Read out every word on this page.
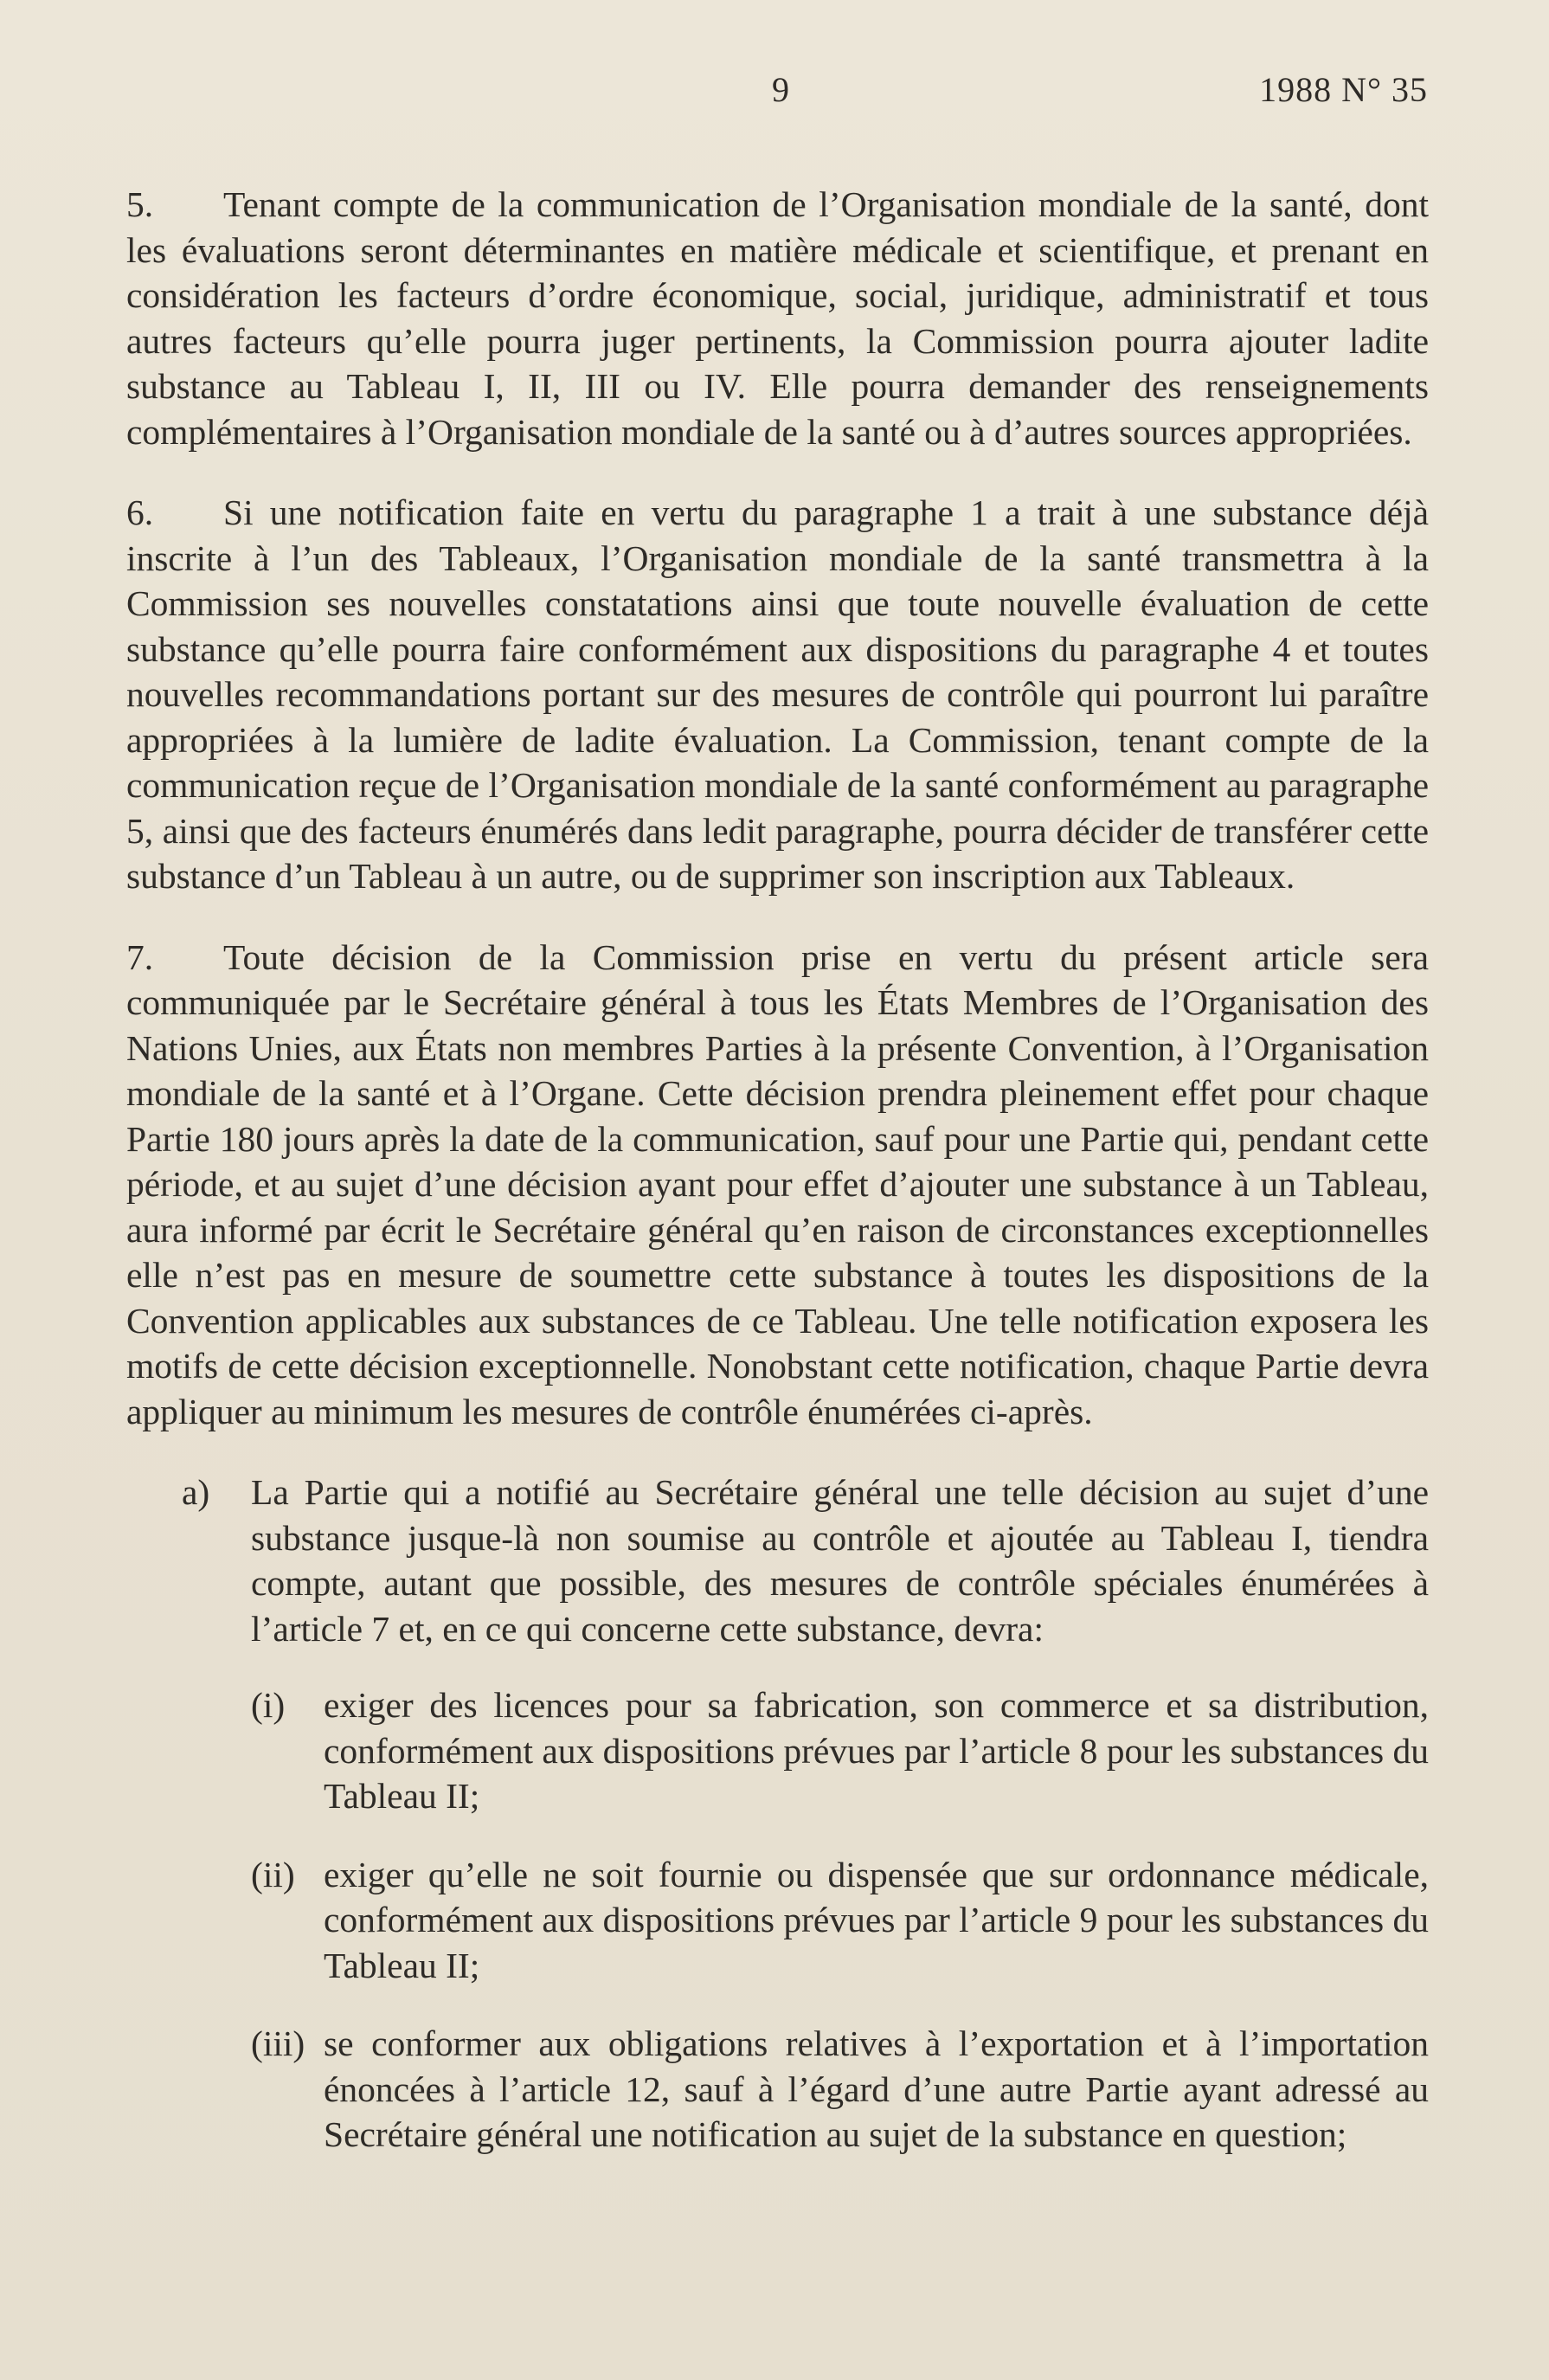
9	1988 N° 35

5. Tenant compte de la communication de l’Organisation mondiale de la santé, dont les évaluations seront déterminantes en matière médicale et scientifique, et prenant en considération les facteurs d’ordre économique, social, juridique, administratif et tous autres facteurs qu’elle pourra juger pertinents, la Commission pourra ajouter ladite substance au Tableau I, II, III ou IV. Elle pourra demander des renseignements complémentaires à l’Organisation mondiale de la santé ou à d’autres sources appropriées.

6. Si une notification faite en vertu du paragraphe 1 a trait à une substance déjà inscrite à l’un des Tableaux, l’Organisation mondiale de la santé transmettra à la Commission ses nouvelles constatations ainsi que toute nouvelle évaluation de cette substance qu’elle pourra faire conformément aux dispositions du paragraphe 4 et toutes nouvelles recommandations portant sur des mesures de contrôle qui pourront lui paraître appropriées à la lumière de ladite évaluation. La Commission, tenant compte de la communication reçue de l’Organisation mondiale de la santé conformément au paragraphe 5, ainsi que des facteurs énumérés dans ledit paragraphe, pourra décider de transférer cette substance d’un Tableau à un autre, ou de supprimer son inscription aux Tableaux.

7. Toute décision de la Commission prise en vertu du présent article sera communiquée par le Secrétaire général à tous les États Membres de l’Organisation des Nations Unies, aux États non membres Parties à la présente Convention, à l’Organisation mondiale de la santé et à l’Organe. Cette décision prendra pleinement effet pour chaque Partie 180 jours après la date de la communication, sauf pour une Partie qui, pendant cette période, et au sujet d’une décision ayant pour effet d’ajouter une substance à un Tableau, aura informé par écrit le Secrétaire général qu’en raison de circonstances exceptionnelles elle n’est pas en mesure de soumettre cette substance à toutes les dispositions de la Convention applicables aux substances de ce Tableau. Une telle notification exposera les motifs de cette décision exceptionnelle. Nonobstant cette notification, chaque Partie devra appliquer au minimum les mesures de contrôle énumérées ci-après.

a) La Partie qui a notifié au Secrétaire général une telle décision au sujet d’une substance jusque-là non soumise au contrôle et ajoutée au Tableau I, tiendra compte, autant que possible, des mesures de contrôle spéciales énumérées à l’article 7 et, en ce qui concerne cette substance, devra:
(i) exiger des licences pour sa fabrication, son commerce et sa distribution, conformément aux dispositions prévues par l’article 8 pour les substances du Tableau II;
(ii) exiger qu’elle ne soit fournie ou dispensée que sur ordonnance médicale, conformément aux dispositions prévues par l’article 9 pour les substances du Tableau II;
(iii) se conformer aux obligations relatives à l’exportation et à l’importation énoncées à l’article 12, sauf à l’égard d’une autre Partie ayant adressé au Secrétaire général une notification au sujet de la substance en question;
